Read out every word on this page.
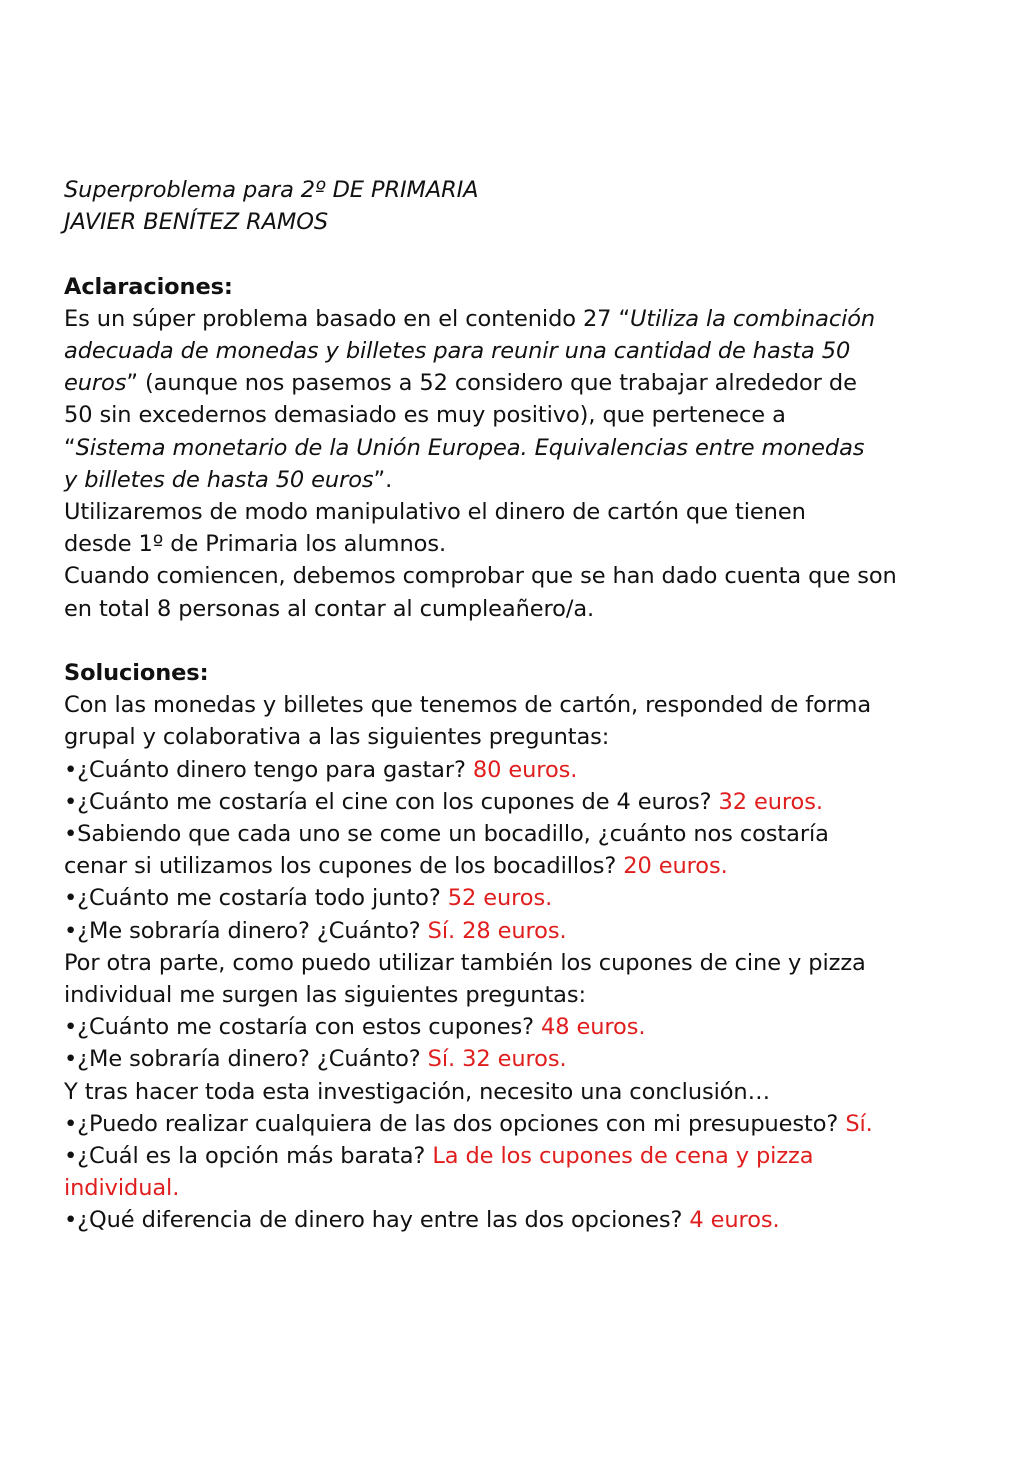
Superproblema para 2º DE PRIMARIA
JAVIER BENÍTEZ RAMOS
Aclaraciones:
Es un súper problema basado en el contenido 27 “Utiliza la combinación
adecuada de monedas y billetes para reunir una cantidad de hasta 50
euros” (aunque nos pasemos a 52 considero que trabajar alrededor de
50 sin excedernos demasiado es muy positivo), que pertenece a
“Sistema monetario de la Unión Europea. Equivalencias entre monedas
y billetes de hasta 50 euros”.
Utilizaremos de modo manipulativo el dinero de cartón que tienen
desde 1º de Primaria los alumnos.
Cuando comiencen, debemos comprobar que se han dado cuenta que son
en total 8 personas al contar al cumpleañero/a.
Soluciones:
Con las monedas y billetes que tenemos de cartón, responded de forma
grupal y colaborativa a las siguientes preguntas:
•¿Cuánto dinero tengo para gastar? 80 euros.
•¿Cuánto me costaría el cine con los cupones de 4 euros? 32 euros.
•Sabiendo que cada uno se come un bocadillo, ¿cuánto nos costaría
cenar si utilizamos los cupones de los bocadillos? 20 euros.
•¿Cuánto me costaría todo junto? 52 euros.
•¿Me sobraría dinero? ¿Cuánto? Sí. 28 euros.
Por otra parte, como puedo utilizar también los cupones de cine y pizza
individual me surgen las siguientes preguntas:
•¿Cuánto me costaría con estos cupones? 48 euros.
•¿Me sobraría dinero? ¿Cuánto? Sí. 32 euros.
Y tras hacer toda esta investigación, necesito una conclusión…
•¿Puedo realizar cualquiera de las dos opciones con mi presupuesto? Sí.
•¿Cuál es la opción más barata? La de los cupones de cena y pizza
individual.
•¿Qué diferencia de dinero hay entre las dos opciones? 4 euros.
